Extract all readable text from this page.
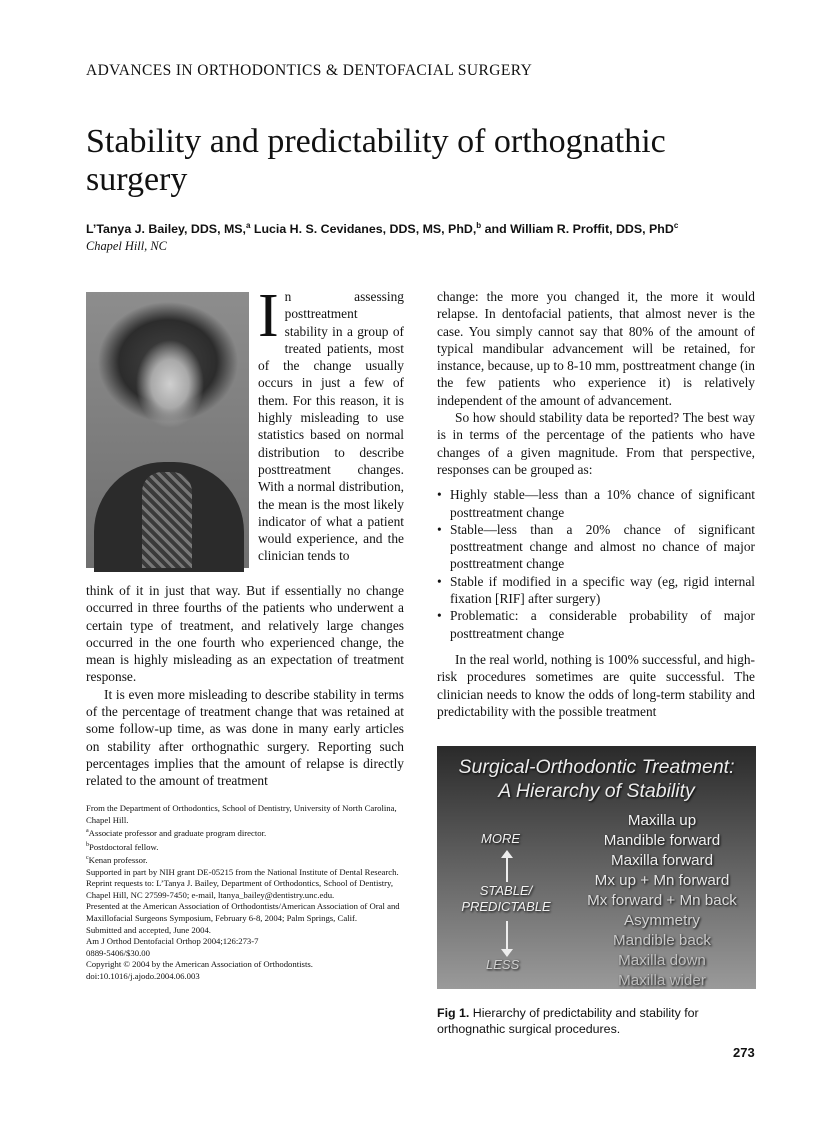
ADVANCES IN ORTHODONTICS & DENTOFACIAL SURGERY
Stability and predictability of orthognathic
surgery
L’Tanya J. Bailey, DDS, MS,$^a$ Lucia H. S. Cevidanes, DDS, MS, PhD,$^b$ and William R. Proffit, DDS, PhD$^c$
Chapel Hill, NC
In assessing posttreatment stability in a group of treated patients, most of the change usually occurs in just a few of them. For this reason, it is highly misleading to use statistics based on normal distribution to describe posttreatment changes. With a normal distribution, the mean is the most likely indicator of what a patient would experience, and the clinician tends to

think of it in just that way. But if essentially no change occurred in three fourths of the patients who underwent a certain type of treatment, and relatively large changes occurred in the one fourth who experienced change, the mean is highly misleading as an expectation of treatment response.

It is even more misleading to describe stability in terms of the percentage of treatment change that was retained at some follow-up time, as was done in many early articles on stability after orthognathic surgery. Reporting such percentages implies that the amount of relapse is directly related to the amount of treatment

From the Department of Orthodontics, School of Dentistry, University of North Carolina, Chapel Hill.

$^a$Associate professor and graduate program director.

$^b$Postdoctoral fellow.

$^c$Kenan professor.

Supported in part by NIH grant DE-05215 from the National Institute of Dental Research.

Reprint requests to: L’Tanya J. Bailey, Department of Orthodontics, School of Dentistry, Chapel Hill, NC 27599-7450; e-mail, ltanya_bailey@dentistry.unc.edu.

Presented at the American Association of Orthodontists/American Association of Oral and Maxillofacial Surgeons Symposium, February 6-8, 2004; Palm Springs, Calif.

Submitted and accepted, June 2004.

Am J Orthod Dentofacial Orthop 2004;126:273-7

0889-5406/$30.00

Copyright © 2004 by the American Association of Orthodontists.

doi:10.1016/j.ajodo.2004.06.003

change: the more you changed it, the more it would relapse. In dentofacial patients, that almost never is the case. You simply cannot say that 80% of the amount of typical mandibular advancement will be retained, for instance, because, up to 8-10 mm, posttreatment change (in the few patients who experience it) is relatively independent of the amount of advancement.

So how should stability data be reported? The best way is in terms of the percentage of the patients who have changes of a given magnitude. From that perspective, responses can be grouped as:

• Highly stable—less than a 10% chance of significant posttreatment change
• Stable—less than a 20% chance of significant posttreatment change and almost no chance of major posttreatment change
• Stable if modified in a specific way (eg, rigid internal fixation [RIF] after surgery)
• Problematic: a considerable probability of major posttreatment change

In the real world, nothing is 100% successful, and high-risk procedures sometimes are quite successful. The clinician needs to know the odds of long-term stability and predictability with the possible treatment

Surgical-Orthodontic Treatment:
A Hierarchy of Stability
MORE
STABLE/
PREDICTABLE
LESS
Maxilla up
Mandible forward
Maxilla forward
Mx up + Mn forward
Mx forward + Mn back
Asymmetry
Mandible back
Maxilla down
Maxilla wider
Fig 1. Hierarchy of predictability and stability for orthognathic surgical procedures.
273
